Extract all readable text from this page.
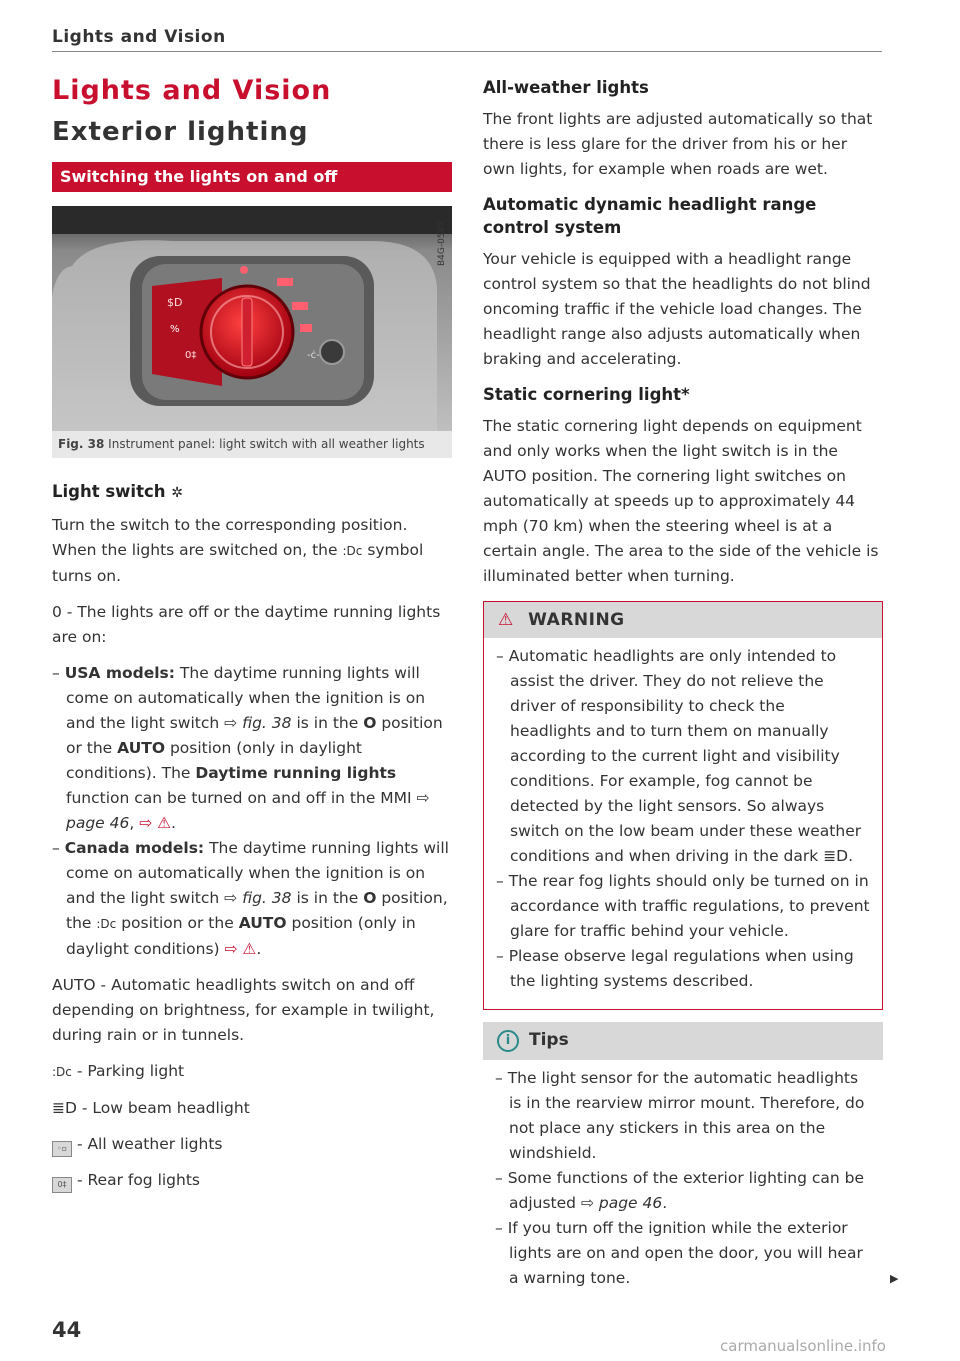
Lights and Vision
Lights and Vision
Exterior lighting
Switching the lights on and off
-ċ-
$D
%
0‡
B4G-0587
Fig. 38 Instrument panel: light switch with all weather lights
Light switch ✲

Turn the switch to the corresponding position. When the lights are switched on, the :Dᴄ symbol turns on.

0 - The lights are off or the daytime running lights are on:

– USA models: The daytime running lights will come on automatically when the ignition is on and the light switch ⇨ fig. 38 is in the O position or the AUTO position (only in daylight conditions). The Daytime running lights function can be turned on and off in the MMI ⇨ page 46, ⇨ ⚠.
– Canada models: The daytime running lights will come on automatically when the ignition is on and the light switch ⇨ fig. 38 is in the O position, the :Dᴄ position or the AUTO position (only in daylight conditions) ⇨ ⚠.

AUTO - Automatic headlights switch on and off depending on brightness, for example in twilight, during rain or in tunnels.

:Dᴄ - Parking light

≣D - Low beam headlight

◦▫ - All weather lights

0‡ - Rear fog lights

All-weather lights

The front lights are adjusted automatically so that there is less glare for the driver from his or her own lights, for example when roads are wet.

Automatic dynamic headlight range control system

Your vehicle is equipped with a headlight range control system so that the headlights do not blind oncoming traffic if the vehicle load changes. The headlight range also adjusts automatically when braking and accelerating.

Static cornering light*

The static cornering light depends on equipment and only works when the light switch is in the AUTO position. The cornering light switches on automatically at speeds up to approximately 44 mph (70 km) when the steering wheel is at a certain angle. The area to the side of the vehicle is illuminated better when turning.

⚠ WARNING
– Automatic headlights are only intended to assist the driver. They do not relieve the driver of responsibility to check the headlights and to turn them on manually according to the current light and visibility conditions. For example, fog cannot be detected by the light sensors. So always switch on the low beam under these weather conditions and when driving in the dark ≣D.
– The rear fog lights should only be turned on in accordance with traffic regulations, to prevent glare for traffic behind your vehicle.
– Please observe legal regulations when using the lighting systems described.
i Tips
– The light sensor for the automatic headlights is in the rearview mirror mount. Therefore, do not place any stickers in this area on the windshield.
– Some functions of the exterior lighting can be adjusted ⇨ page 46.
– If you turn off the ignition while the exterior lights are on and open the door, you will hear a warning tone.	▶
44
carmanualsonline.info
